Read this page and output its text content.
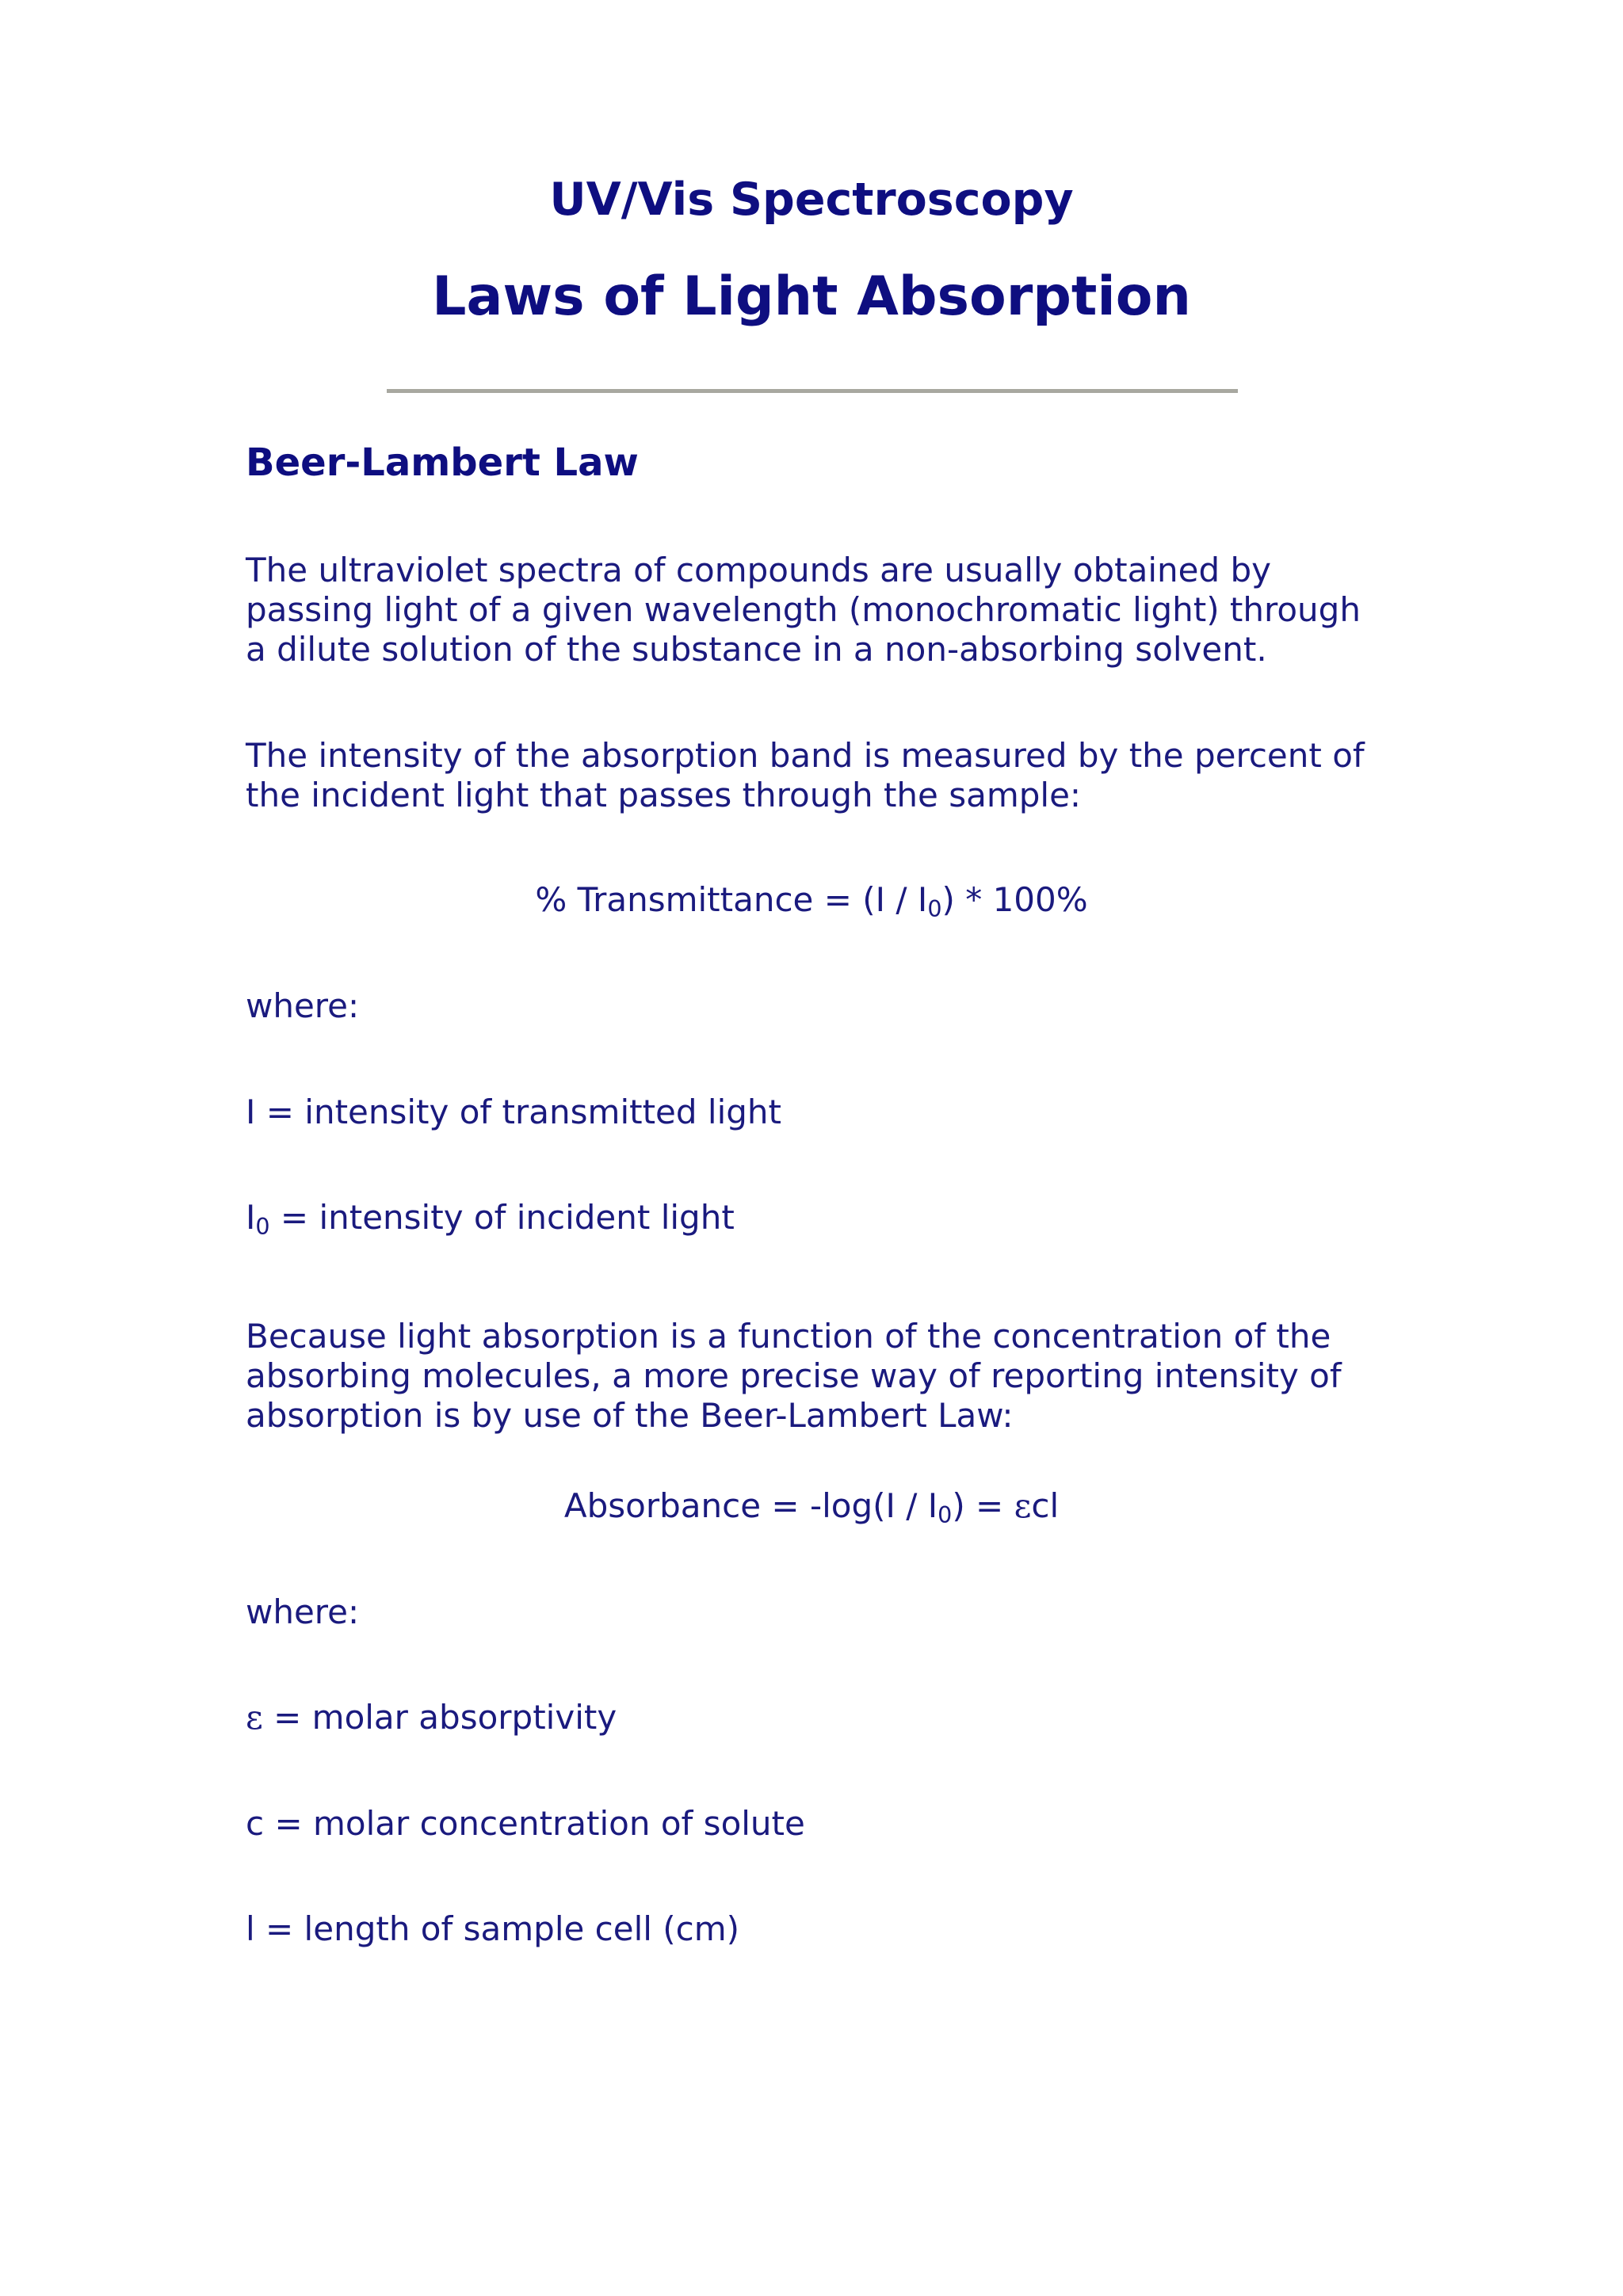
UV/Vis Spectroscopy
Laws of Light Absorption
Beer-Lambert Law

The ultraviolet spectra of compounds are usually obtained by
passing light of a given wavelength (monochromatic light) through
a dilute solution of the substance in a non-absorbing solvent.

The intensity of the absorption band is measured by the percent of
the incident light that passes through the sample:

% Transmittance = $(I / I_0) * 100\%$

where:

I = intensity of transmitted light

$I_0$ = intensity of incident light

Because light absorption is a function of the concentration of the
absorbing molecules, a more precise way of reporting intensity of
absorption is by use of the Beer-Lambert Law:

Absorbance = $-\log(I / I_0) = \varepsilon cl$

where:

ε = molar absorptivity

c = molar concentration of solute

l = length of sample cell (cm)
